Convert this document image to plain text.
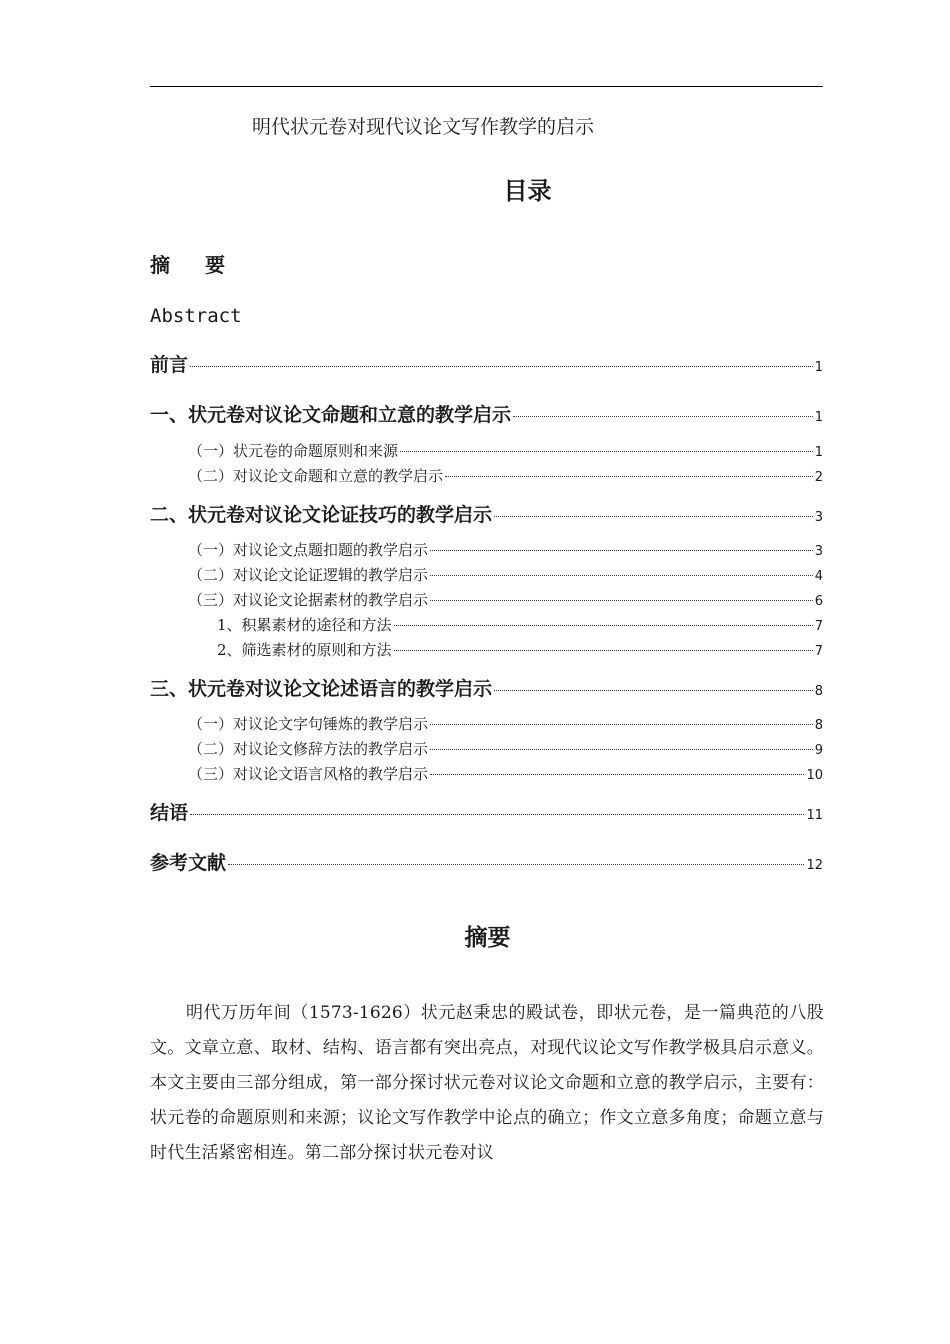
明代状元卷对现代议论文写作教学的启示
目录
摘 要
Abstract
前言	1
一、状元卷对议论文命题和立意的教学启示	1
（一）状元卷的命题原则和来源	1
（二）对议论文命题和立意的教学启示	2
二、状元卷对议论文论证技巧的教学启示	3
（一）对议论文点题扣题的教学启示	3
（二）对议论文论证逻辑的教学启示	4
（三）对议论文论据素材的教学启示	6
1、积累素材的途径和方法	7
2、筛选素材的原则和方法	7
三、状元卷对议论文论述语言的教学启示	8
（一）对议论文字句锤炼的教学启示	8
（二）对议论文修辞方法的教学启示	9
（三）对议论文语言风格的教学启示	10
结语	11
参考文献	12
摘要
明代万历年间（1573-1626）状元赵秉忠的殿试卷，即状元卷，是一篇典范的八股文。文章立意、取材、结构、语言都有突出亮点，对现代议论文写作教学极具启示意义。本文主要由三部分组成，第一部分探讨状元卷对议论文命题和立意的教学启示，主要有：状元卷的命题原则和来源；议论文写作教学中论点的确立；作文立意多角度；命题立意与时代生活紧密相连。第二部分探讨状元卷对议
